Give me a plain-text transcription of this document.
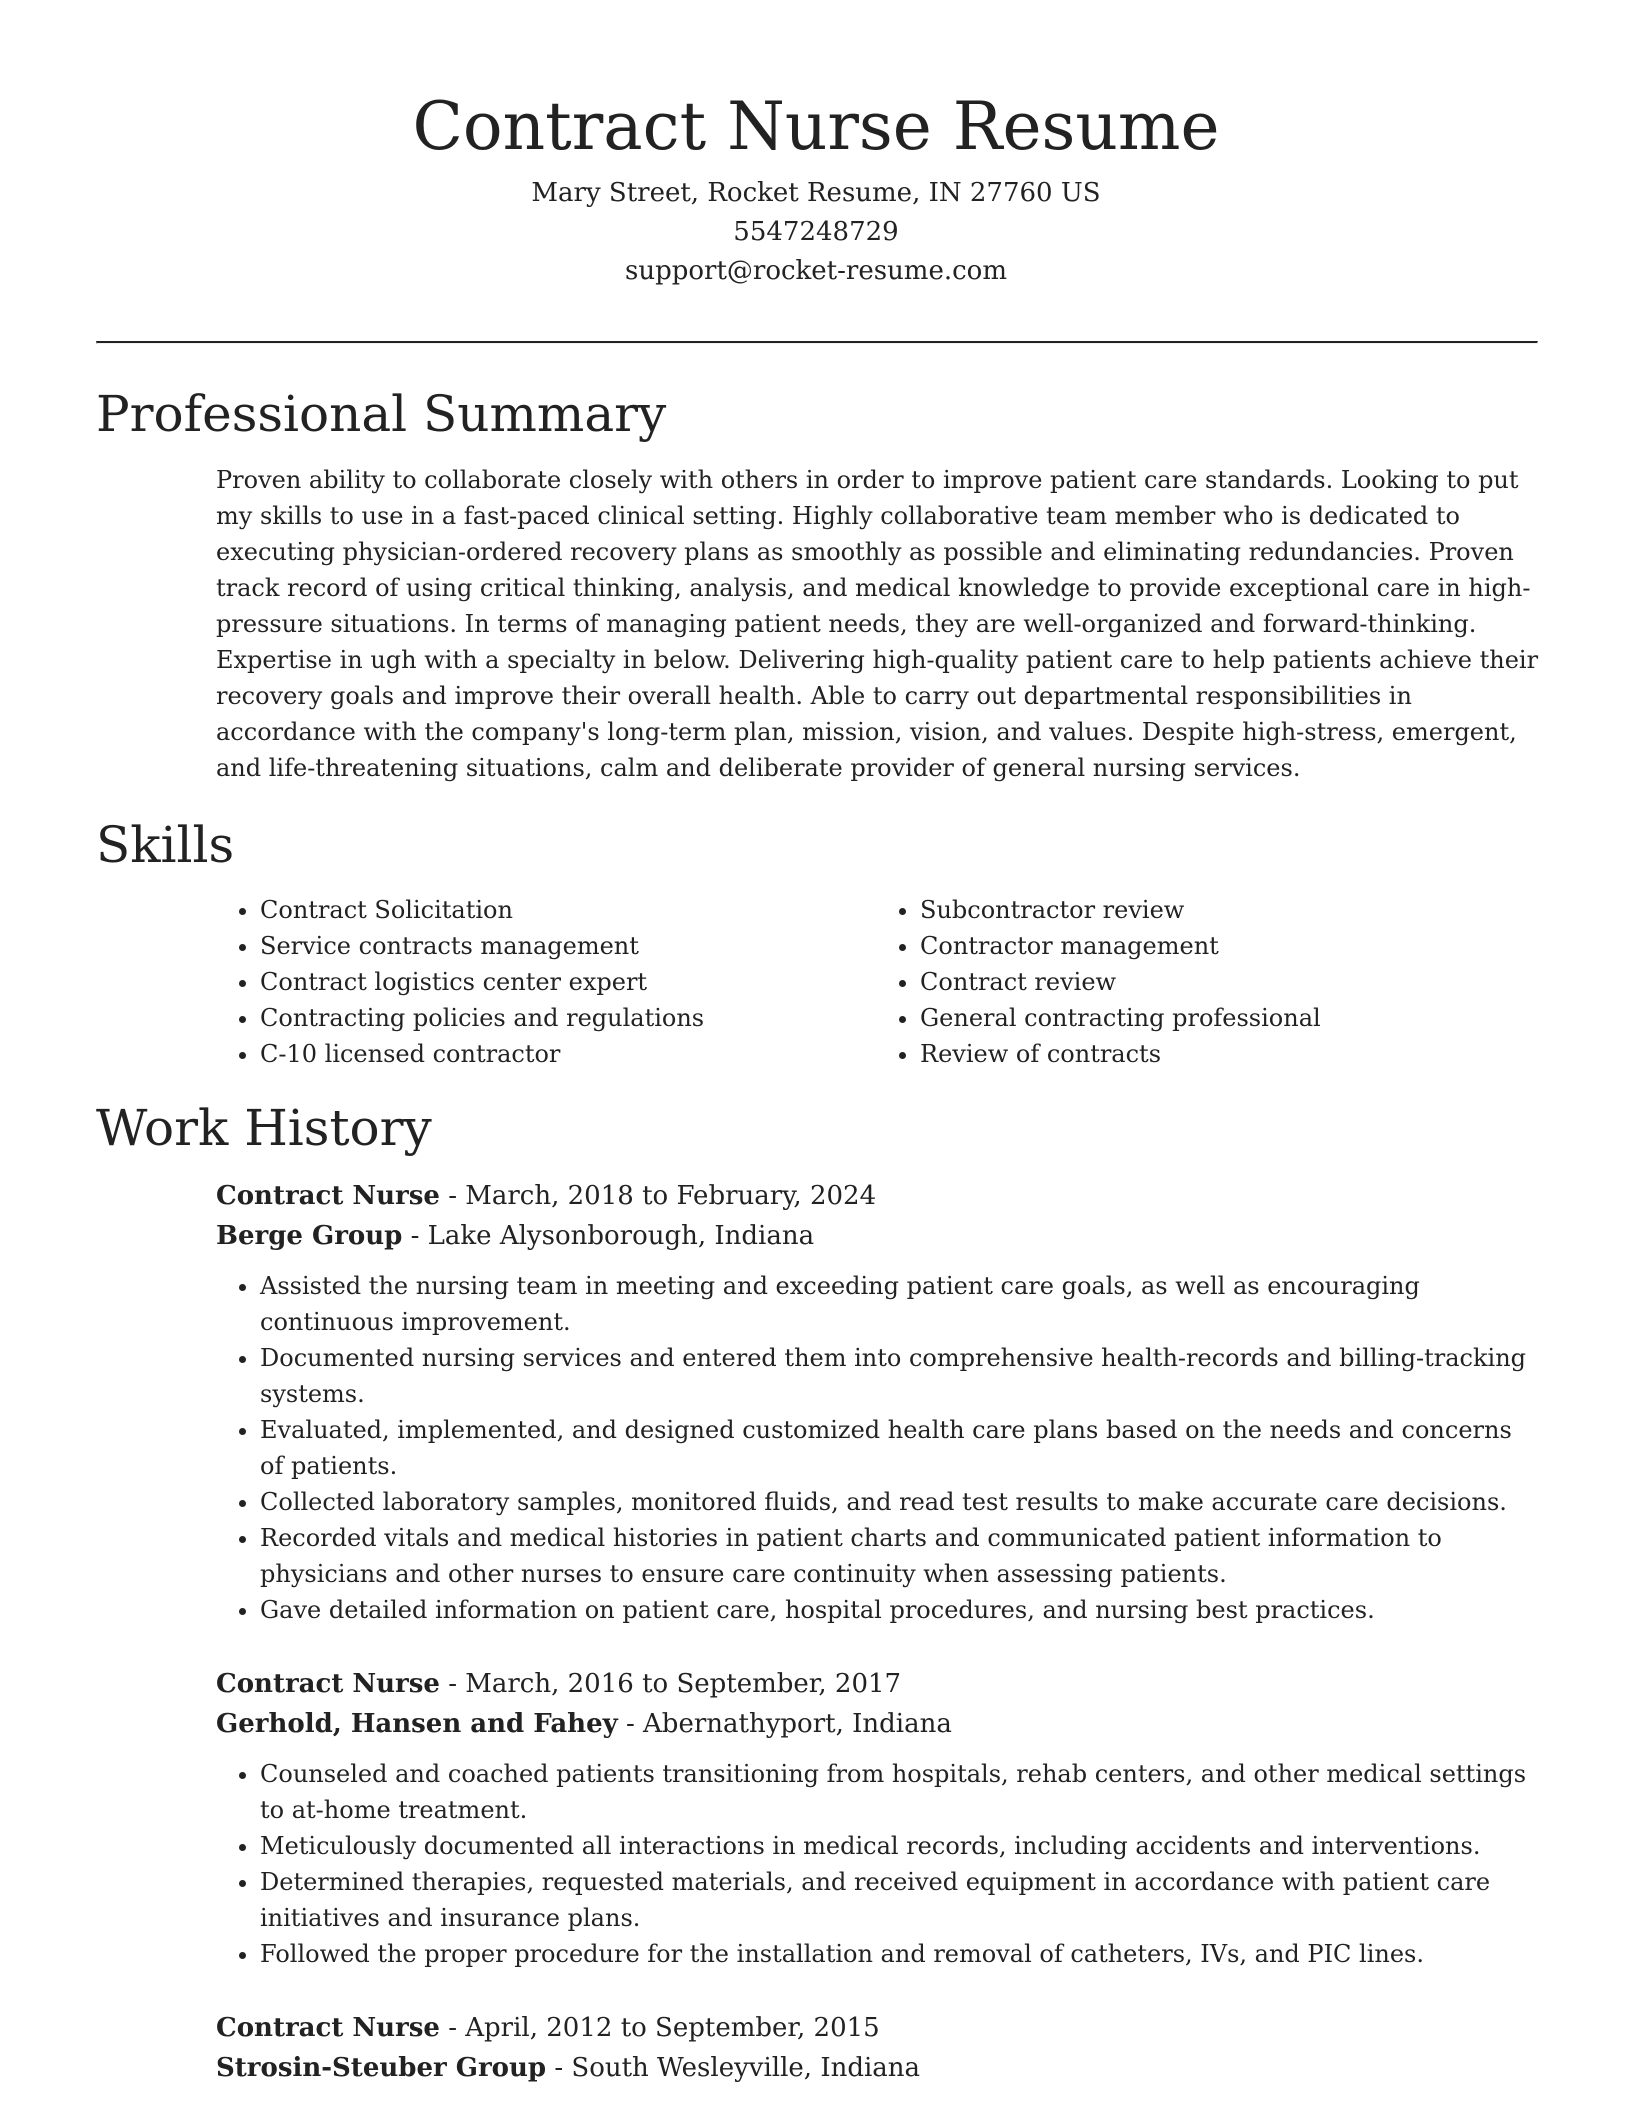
Contract Nurse Resume

Mary Street, Rocket Resume, IN 27760 US

5547248729

support@rocket-resume.com

Professional Summary

Proven ability to collaborate closely with others in order to improve patient care standards. Looking to put my skills to use in a fast-paced clinical setting. Highly collaborative team member who is dedicated to executing physician-ordered recovery plans as smoothly as possible and eliminating redundancies. Proven track record of using critical thinking, analysis, and medical knowledge to provide exceptional care in high-pressure situations. In terms of managing patient needs, they are well-organized and forward-thinking. Expertise in ugh with a specialty in below. Delivering high-quality patient care to help patients achieve their recovery goals and improve their overall health. Able to carry out departmental responsibilities in accordance with the company's long-term plan, mission, vision, and values. Despite high-stress, emergent, and life-threatening situations, calm and deliberate provider of general nursing services.

Skills
• Contract Solicitation
• Service contracts management
• Contract logistics center expert
• Contracting policies and regulations
• C-10 licensed contractor
• Subcontractor review
• Contractor management
• Contract review
• General contracting professional
• Review of contracts
Work History

Contract Nurse - March, 2018 to February, 2024

Berge Group - Lake Alysonborough, Indiana

• Assisted the nursing team in meeting and exceeding patient care goals, as well as encouraging continuous improvement.
• Documented nursing services and entered them into comprehensive health-records and billing-tracking systems.
• Evaluated, implemented, and designed customized health care plans based on the needs and concerns of patients.
• Collected laboratory samples, monitored fluids, and read test results to make accurate care decisions.
• Recorded vitals and medical histories in patient charts and communicated patient information to physicians and other nurses to ensure care continuity when assessing patients.
• Gave detailed information on patient care, hospital procedures, and nursing best practices.

Contract Nurse - March, 2016 to September, 2017

Gerhold, Hansen and Fahey - Abernathyport, Indiana

• Counseled and coached patients transitioning from hospitals, rehab centers, and other medical settings to at-home treatment.
• Meticulously documented all interactions in medical records, including accidents and interventions.
• Determined therapies, requested materials, and received equipment in accordance with patient care initiatives and insurance plans.
• Followed the proper procedure for the installation and removal of catheters, IVs, and PIC lines.

Contract Nurse - April, 2012 to September, 2015

Strosin-Steuber Group - South Wesleyville, Indiana
